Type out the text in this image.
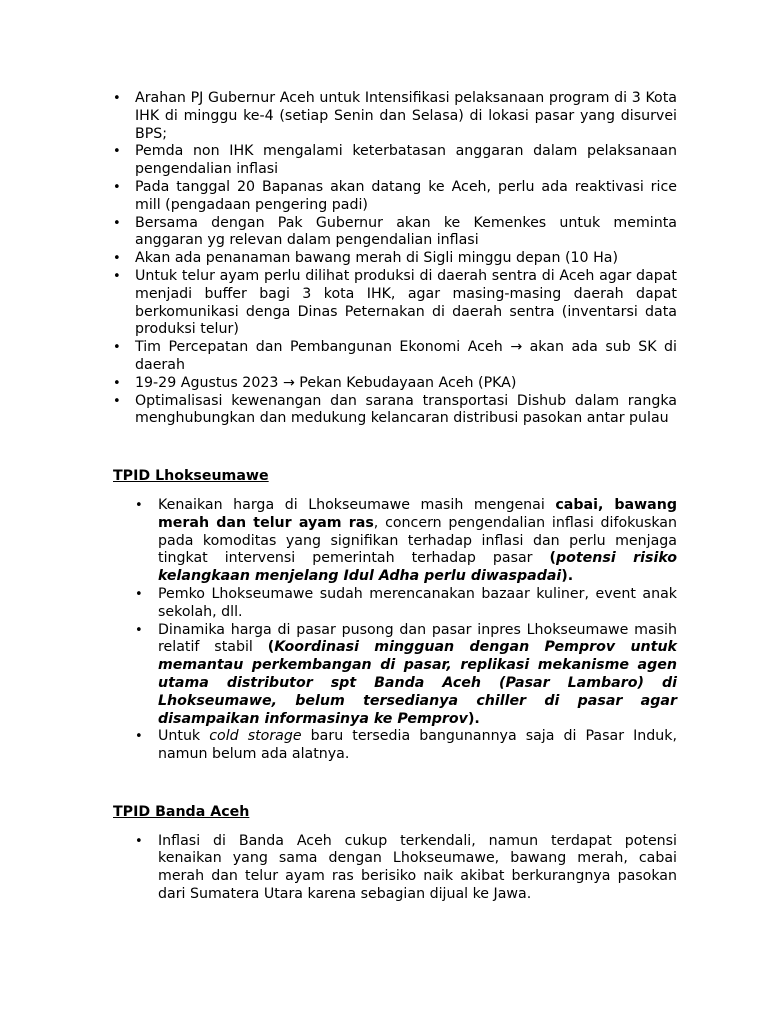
• Arahan PJ Gubernur Aceh untuk Intensifikasi pelaksanaan program di 3 Kota IHK di minggu ke-4 (setiap Senin dan Selasa) di lokasi pasar yang disurvei BPS;
• Pemda non IHK mengalami keterbatasan anggaran dalam pelaksanaan pengendalian inflasi
• Pada tanggal 20 Bapanas akan datang ke Aceh, perlu ada reaktivasi rice mill (pengadaan pengering padi)
• Bersama dengan Pak Gubernur akan ke Kemenkes untuk meminta anggaran yg relevan dalam pengendalian inflasi
• Akan ada penanaman bawang merah di Sigli minggu depan (10 Ha)
• Untuk telur ayam perlu dilihat produksi di daerah sentra di Aceh agar dapat menjadi buffer bagi 3 kota IHK, agar masing-masing daerah dapat berkomunikasi denga Dinas Peternakan di daerah sentra (inventarsi data produksi telur)
• Tim Percepatan dan Pembangunan Ekonomi Aceh → akan ada sub SK di daerah
• 19-29 Agustus 2023 → Pekan Kebudayaan Aceh (PKA)
• Optimalisasi kewenangan dan sarana transportasi Dishub dalam rangka menghubungkan dan medukung kelancaran distribusi pasokan antar pulau
TPID Lhokseumawe
• Kenaikan harga di Lhokseumawe masih mengenai cabai, bawang merah dan telur ayam ras, concern pengendalian inflasi difokuskan pada komoditas yang signifikan terhadap inflasi dan perlu menjaga tingkat intervensi pemerintah terhadap pasar (potensi risiko kelangkaan menjelang Idul Adha perlu diwaspadai).
• Pemko Lhokseumawe sudah merencanakan bazaar kuliner, event anak sekolah, dll.
• Dinamika harga di pasar pusong dan pasar inpres Lhokseumawe masih relatif stabil (Koordinasi mingguan dengan Pemprov untuk memantau perkembangan di pasar, replikasi mekanisme agen utama distributor spt Banda Aceh (Pasar Lambaro) di Lhokseumawe, belum tersedianya chiller di pasar agar disampaikan informasinya ke Pemprov).
• Untuk cold storage baru tersedia bangunannya saja di Pasar Induk, namun belum ada alatnya.
TPID Banda Aceh
• Inflasi di Banda Aceh cukup terkendali, namun terdapat potensi kenaikan yang sama dengan Lhokseumawe, bawang merah, cabai merah dan telur ayam ras berisiko naik akibat berkurangnya pasokan dari Sumatera Utara karena sebagian dijual ke Jawa.
